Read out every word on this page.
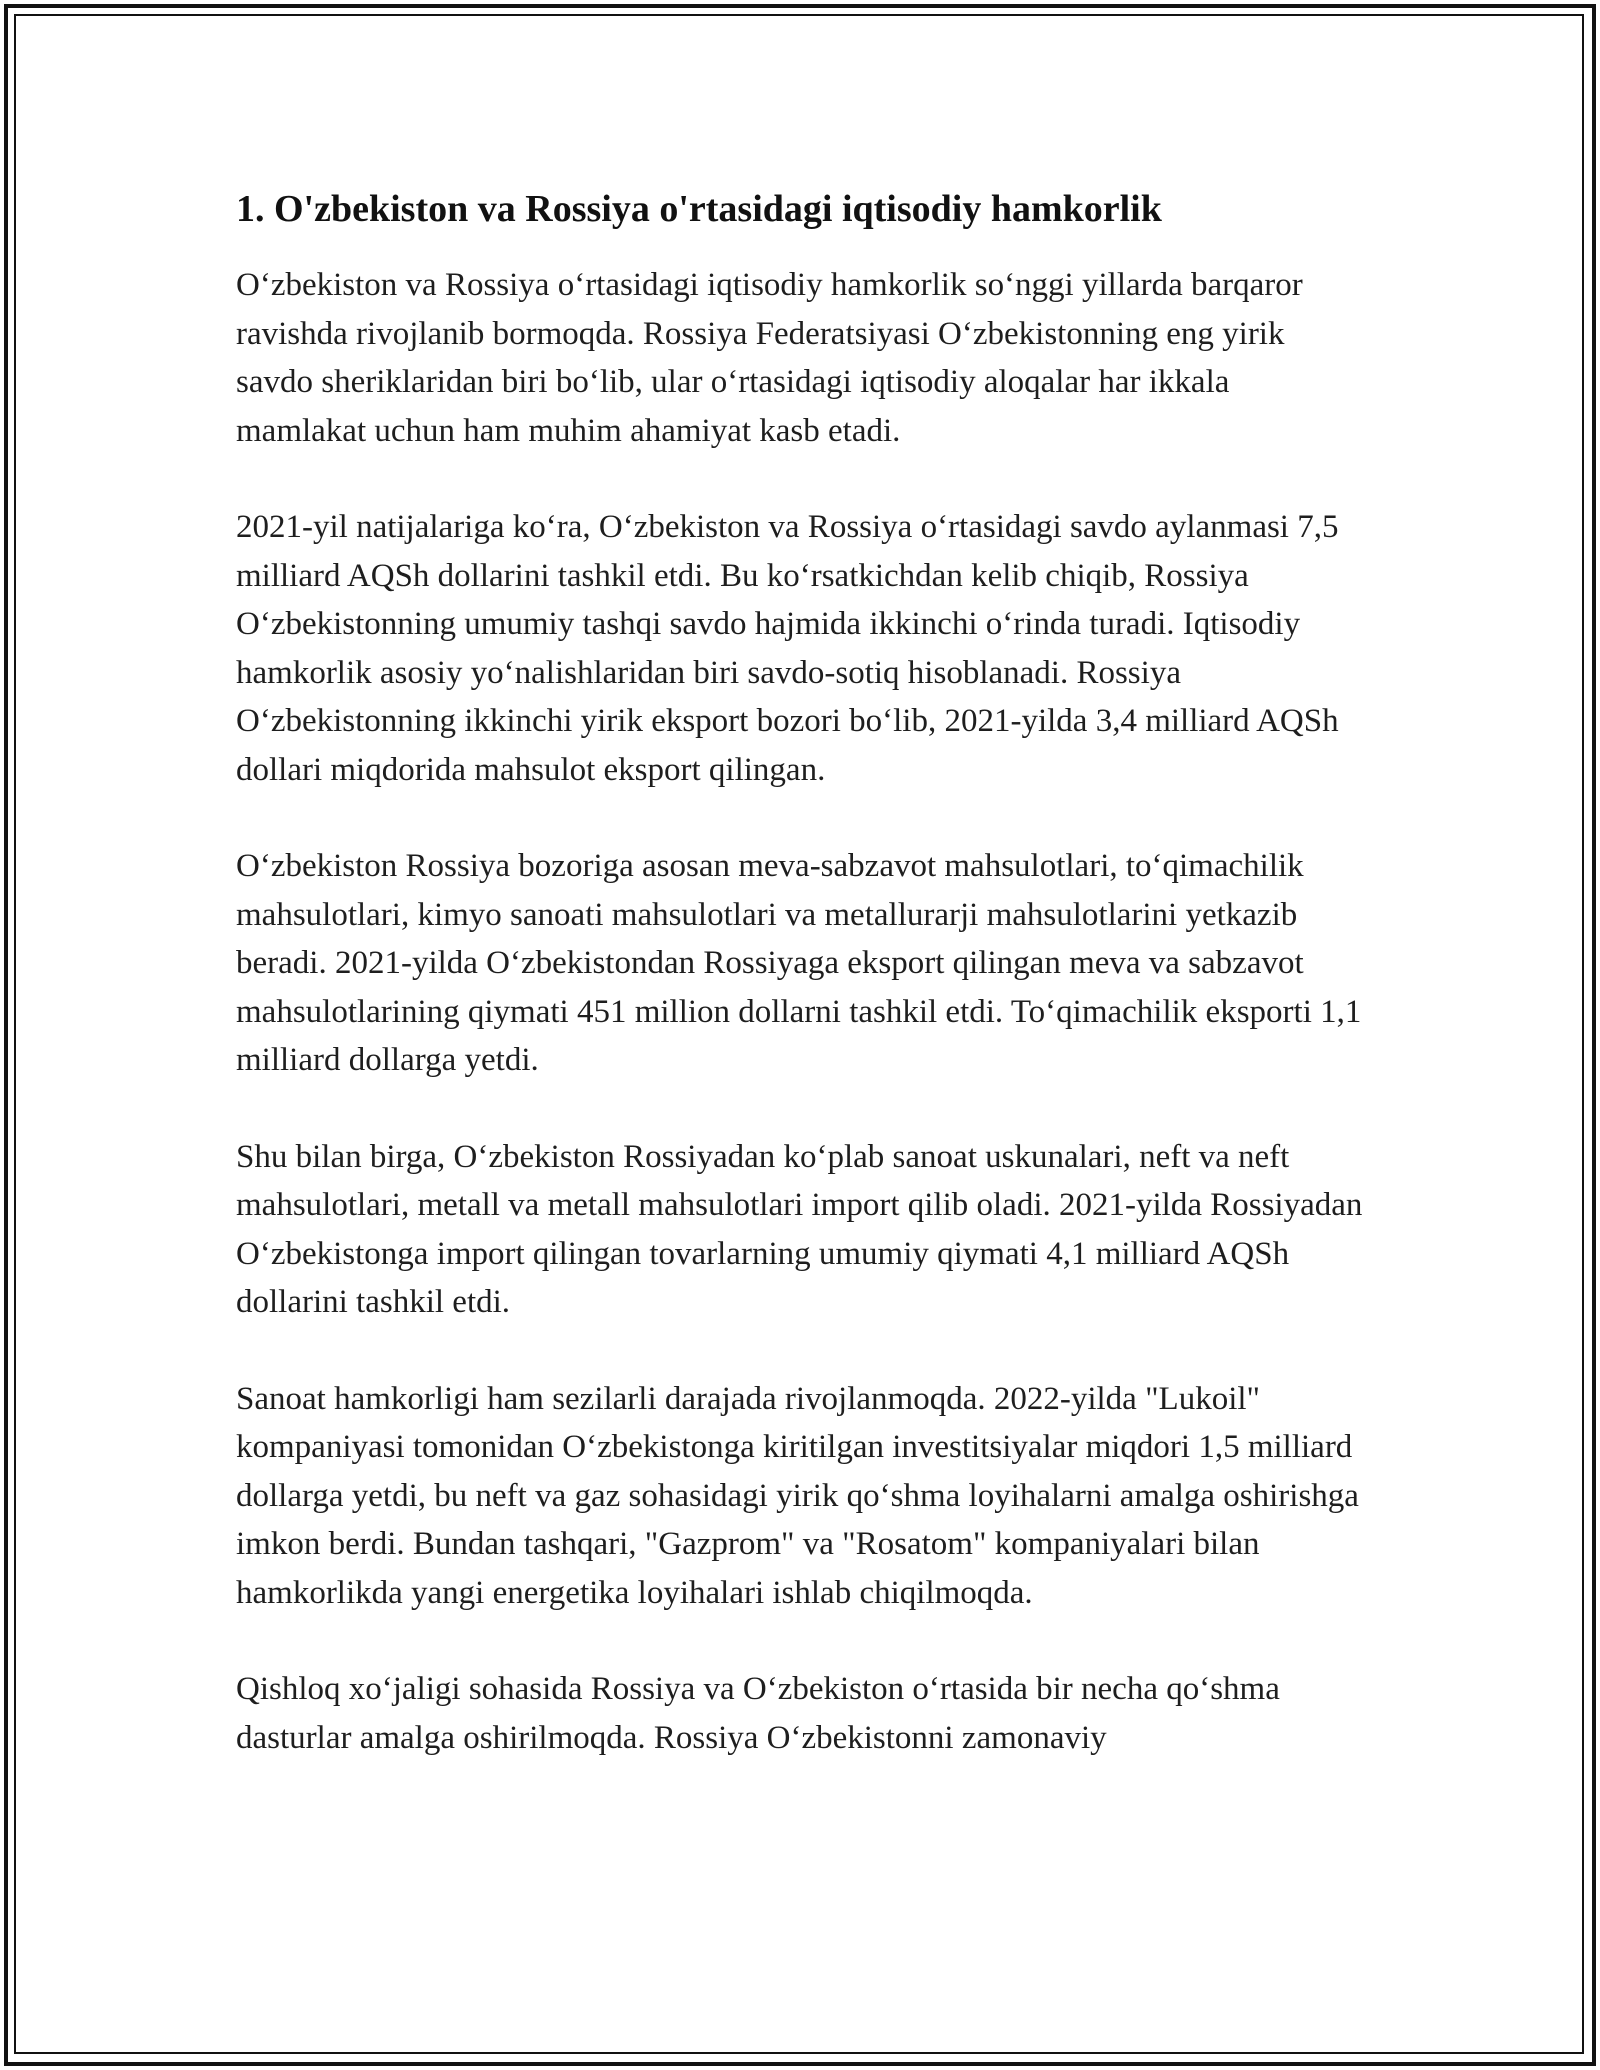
1. O'zbekiston va Rossiya o'rtasidagi iqtisodiy hamkorlik

O‘zbekiston va Rossiya o‘rtasidagi iqtisodiy hamkorlik so‘nggi yillarda barqaror ravishda rivojlanib bormoqda. Rossiya Federatsiyasi O‘zbekistonning eng yirik savdo sheriklaridan biri bo‘lib, ular o‘rtasidagi iqtisodiy aloqalar har ikkala mamlakat uchun ham muhim ahamiyat kasb etadi.

2021-yil natijalariga ko‘ra, O‘zbekiston va Rossiya o‘rtasidagi savdo aylanmasi 7,5 milliard AQSh dollarini tashkil etdi. Bu ko‘rsatkichdan kelib chiqib, Rossiya O‘zbekistonning umumiy tashqi savdo hajmida ikkinchi o‘rinda turadi. Iqtisodiy hamkorlik asosiy yo‘nalishlaridan biri savdo-sotiq hisoblanadi. Rossiya O‘zbekistonning ikkinchi yirik eksport bozori bo‘lib, 2021-yilda 3,4 milliard AQSh dollari miqdorida mahsulot eksport qilingan.

O‘zbekiston Rossiya bozoriga asosan meva-sabzavot mahsulotlari, to‘qimachilik mahsulotlari, kimyo sanoati mahsulotlari va metallurarji mahsulotlarini yetkazib beradi. 2021-yilda O‘zbekistondan Rossiyaga eksport qilingan meva va sabzavot mahsulotlarining qiymati 451 million dollarni tashkil etdi. To‘qimachilik eksporti 1,1 milliard dollarga yetdi.

Shu bilan birga, O‘zbekiston Rossiyadan ko‘plab sanoat uskunalari, neft va neft mahsulotlari, metall va metall mahsulotlari import qilib oladi. 2021-yilda Rossiyadan O‘zbekistonga import qilingan tovarlarning umumiy qiymati 4,1 milliard AQSh dollarini tashkil etdi.

Sanoat hamkorligi ham sezilarli darajada rivojlanmoqda. 2022-yilda "Lukoil" kompaniyasi tomonidan O‘zbekistonga kiritilgan investitsiyalar miqdori 1,5 milliard dollarga yetdi, bu neft va gaz sohasidagi yirik qo‘shma loyihalarni amalga oshirishga imkon berdi. Bundan tashqari, "Gazprom" va "Rosatom" kompaniyalari bilan hamkorlikda yangi energetika loyihalari ishlab chiqilmoqda.

Qishloq xo‘jaligi sohasida Rossiya va O‘zbekiston o‘rtasida bir necha qo‘shma dasturlar amalga oshirilmoqda. Rossiya O‘zbekistonni zamonaviy
